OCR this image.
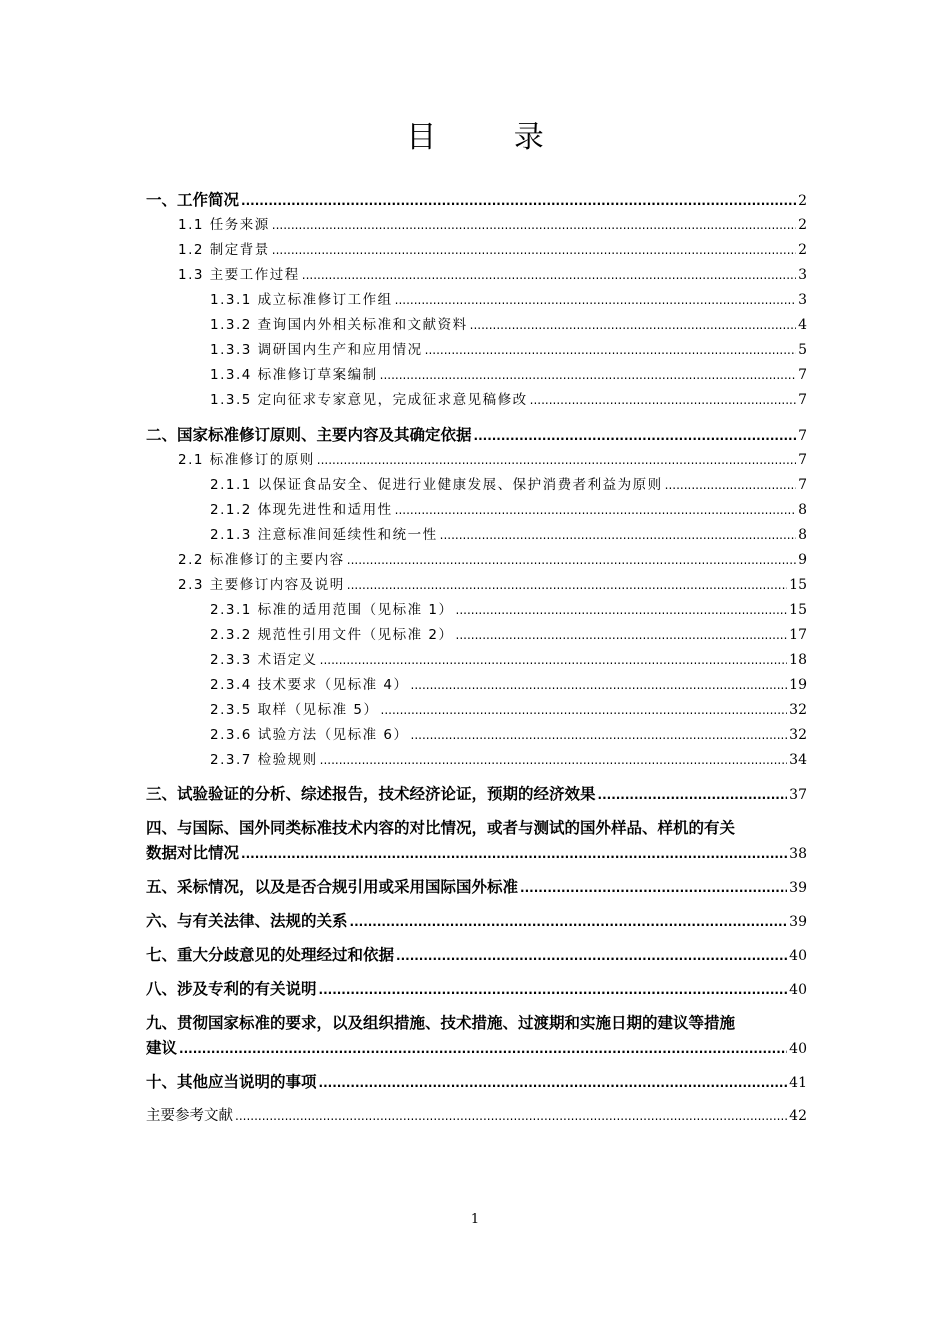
目 录
一、工作简况 .....	2
1.1 任务来源 .....	2
1.2 制定背景 .....	2
1.3 主要工作过程 .....	3
1.3.1 成立标准修订工作组 .....	3
1.3.2 查询国内外相关标准和文献资料 .....	4
1.3.3 调研国内生产和应用情况 .....	5
1.3.4 标准修订草案编制 .....	7
1.3.5 定向征求专家意见，完成征求意见稿修改 .....	7
二、国家标准修订原则、主要内容及其确定依据 .....	7
2.1 标准修订的原则 .....	7
2.1.1 以保证食品安全、促进行业健康发展、保护消费者利益为原则 .....	7
2.1.2 体现先进性和适用性 .....	8
2.1.3 注意标准间延续性和统一性 .....	8
2.2 标准修订的主要内容 .....	9
2.3 主要修订内容及说明 .....	15
2.3.1 标准的适用范围（见标准 1） .....	15
2.3.2 规范性引用文件（见标准 2） .....	17
2.3.3 术语定义 .....	18
2.3.4 技术要求（见标准 4） .....	19
2.3.5 取样（见标准 5） .....	32
2.3.6 试验方法（见标准 6） .....	32
2.3.7 检验规则 .....	34
三、试验验证的分析、综述报告，技术经济论证，预期的经济效果 .....	37
四、与国际、国外同类标准技术内容的对比情况，或者与测试的国外样品、样机的有关
数据对比情况 .....	38
五、采标情况，以及是否合规引用或采用国际国外标准 .....	39
六、与有关法律、法规的关系 .....	39
七、重大分歧意见的处理经过和依据 .....	40
八、涉及专利的有关说明 .....	40
九、贯彻国家标准的要求，以及组织措施、技术措施、过渡期和实施日期的建议等措施
建议 .....	40
十、其他应当说明的事项 .....	41
主要参考文献 .....	42
1
